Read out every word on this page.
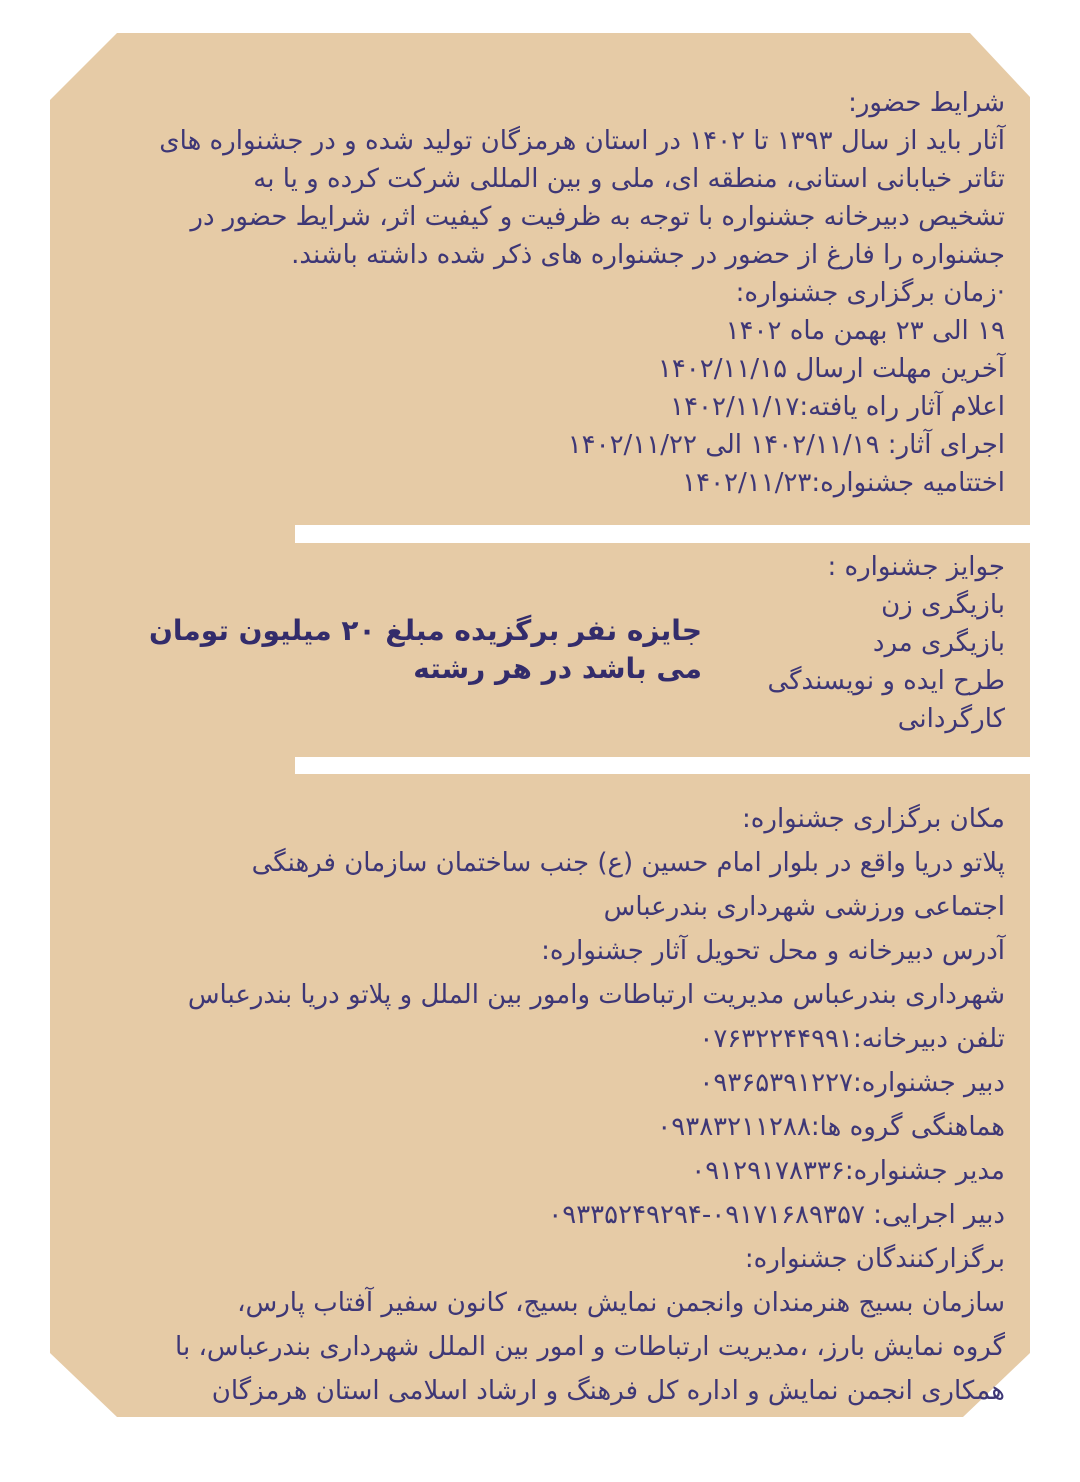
شرایط حضور:
آثار باید از سال ۱۳۹۳ تا ۱۴۰۲ در استان هرمزگان تولید شده و در جشنواره های
تئاتر خیابانی استانی، منطقه ای، ملی و بین المللی شرکت کرده و یا به
تشخیص دبیرخانه جشنواره با توجه به ظرفیت و کیفیت اثر، شرایط حضور در
جشنواره را فارغ از حضور در جشنواره های ذکر شده داشته باشند.
·زمان برگزاری جشنواره:
۱۹ الی ۲۳ بهمن ماه ۱۴۰۲
آخرین مهلت ارسال ۱۴۰۲/۱۱/۱۵
اعلام آثار راه یافته:۱۴۰۲/۱۱/۱۷
اجرای آثار: ۱۴۰۲/۱۱/۱۹ الی ۱۴۰۲/۱۱/۲۲
اختتامیه جشنواره:۱۴۰۲/۱۱/۲۳
جوایز جشنواره :
بازیگری زن
بازیگری مرد
طرح ایده و نویسندگی
کارگردانی
جایزه نفر برگزیده مبلغ ۲۰ میلیون تومان
می باشد در هر رشته
مکان برگزاری جشنواره:
پلاتو دریا واقع در بلوار امام حسین (ع) جنب ساختمان سازمان فرهنگی
اجتماعی ورزشی شهرداری بندرعباس
آدرس دبیرخانه و محل تحویل آثار جشنواره:
شهرداری بندرعباس مدیریت ارتباطات وامور بین الملل و پلاتو دریا بندرعباس
تلفن دبیرخانه:۰۷۶۳۲۲۴۴۹۹۱
دبیر جشنواره:۰۹۳۶۵۳۹۱۲۲۷
هماهنگی گروه ها:۰۹۳۸۳۲۱۱۲۸۸
مدیر جشنواره:۰۹۱۲۹۱۷۸۳۳۶
دبیر اجرایی: ۰۹۱۷۱۶۸۹۳۵۷-۰۹۳۳۵۲۴۹۲۹۴
برگزارکنندگان جشنواره:
سازمان بسیج هنرمندان وانجمن نمایش بسیج، کانون سفیر آفتاب پارس،
گروه نمایش بارز، ،مدیریت ارتباطات و امور بین الملل شهرداری بندرعباس، با
همکاری انجمن نمایش و اداره کل فرهنگ و ارشاد اسلامی استان هرمزگان
